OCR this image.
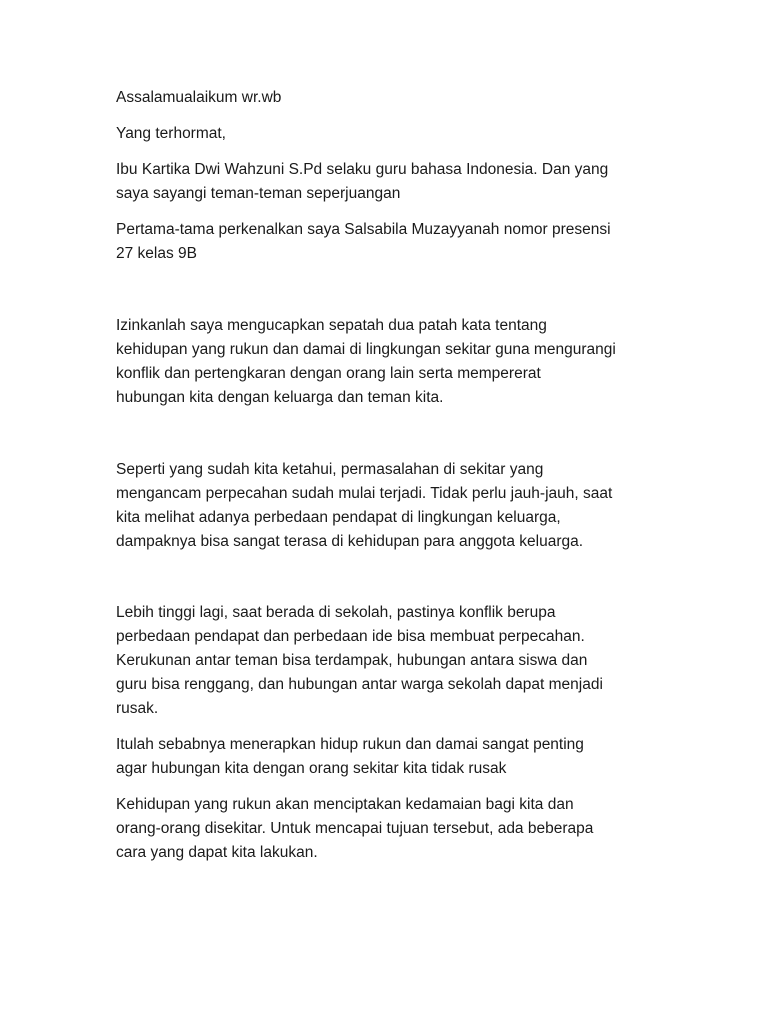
Assalamualaikum wr.wb
Yang terhormat,
Ibu Kartika Dwi Wahzuni S.Pd selaku guru bahasa Indonesia. Dan yang
saya sayangi teman-teman seperjuangan
Pertama-tama perkenalkan saya Salsabila Muzayyanah nomor presensi
27 kelas 9B
Izinkanlah saya mengucapkan sepatah dua patah kata tentang
kehidupan yang rukun dan damai di lingkungan sekitar guna mengurangi
konflik dan pertengkaran dengan orang lain serta mempererat
hubungan kita dengan keluarga dan teman kita.
Seperti yang sudah kita ketahui, permasalahan di sekitar yang
mengancam perpecahan sudah mulai terjadi. Tidak perlu jauh-jauh, saat
kita melihat adanya perbedaan pendapat di lingkungan keluarga,
dampaknya bisa sangat terasa di kehidupan para anggota keluarga.
Lebih tinggi lagi, saat berada di sekolah, pastinya konflik berupa
perbedaan pendapat dan perbedaan ide bisa membuat perpecahan.
Kerukunan antar teman bisa terdampak, hubungan antara siswa dan
guru bisa renggang, dan hubungan antar warga sekolah dapat menjadi
rusak.
Itulah sebabnya menerapkan hidup rukun dan damai sangat penting
agar hubungan kita dengan orang sekitar kita tidak rusak
Kehidupan yang rukun akan menciptakan kedamaian bagi kita dan
orang-orang disekitar. Untuk mencapai tujuan tersebut, ada beberapa
cara yang dapat kita lakukan.
